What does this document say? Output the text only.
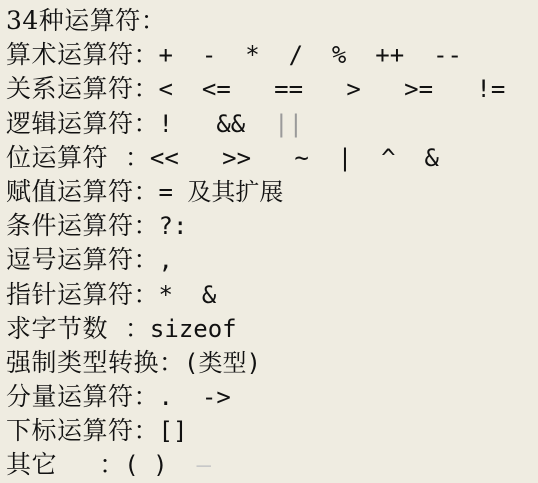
34种运算符：
算术运算符 ： +  -  *  /  %  ++  --
关系运算符 ： <  <=   ==   >   >=   !=
逻辑运算符 ： !   && ||
位运算符 ： <<   >>   ~  |  ^  &
赋值运算符 ： = 及其扩展
条件运算符 ： ?:
逗号运算符 ： ,
指针运算符 ： *  &
求字节数 ： sizeof
强制类型转换 ： (类型)
分量运算符 ： .  ->
下标运算符 ： []
其它 ： ( ) —
